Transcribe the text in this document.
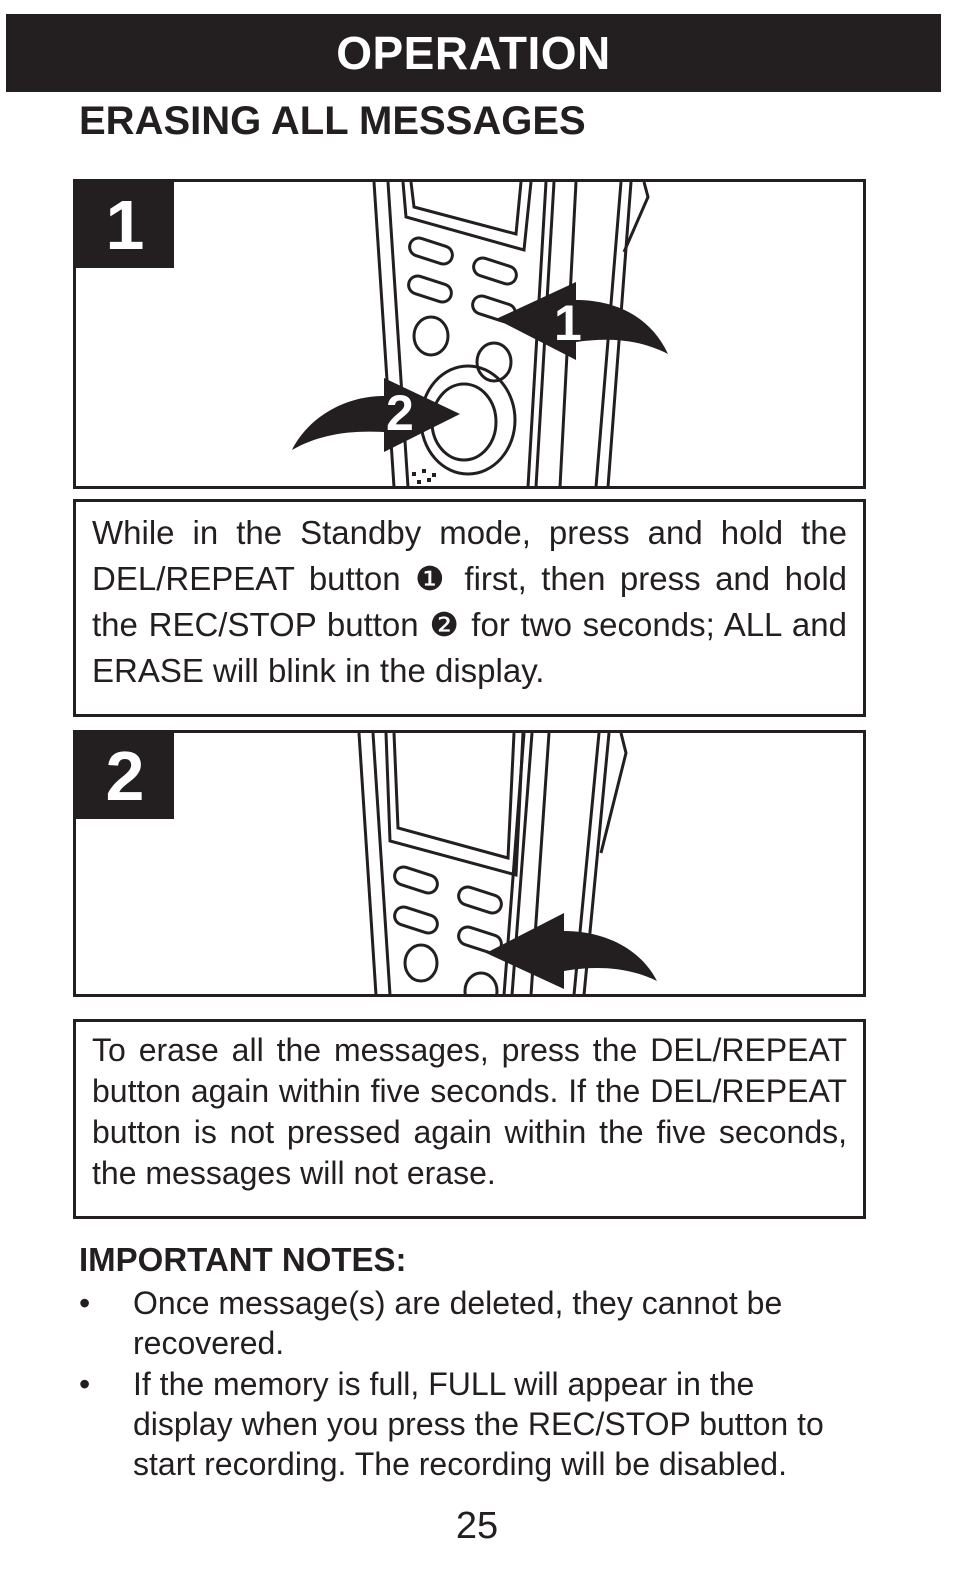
OPERATION
ERASING ALL MESSAGES
1
2
1
While in the Standby mode, press and hold the DEL/REPEAT button ❶ first, then press and hold the REC/STOP button ❷ for two seconds; ALL and ERASE will blink in the display.
2
To erase all the messages, press the DEL/REPEAT button again within five seconds. If the DEL/REPEAT button is not pressed again within the five seconds, the messages will not erase.
IMPORTANT NOTES:
• Once message(s) are deleted, they cannot be recovered.
• If the memory is full, FULL will appear in the display when you press the REC/STOP button to start recording. The recording will be disabled.
25
